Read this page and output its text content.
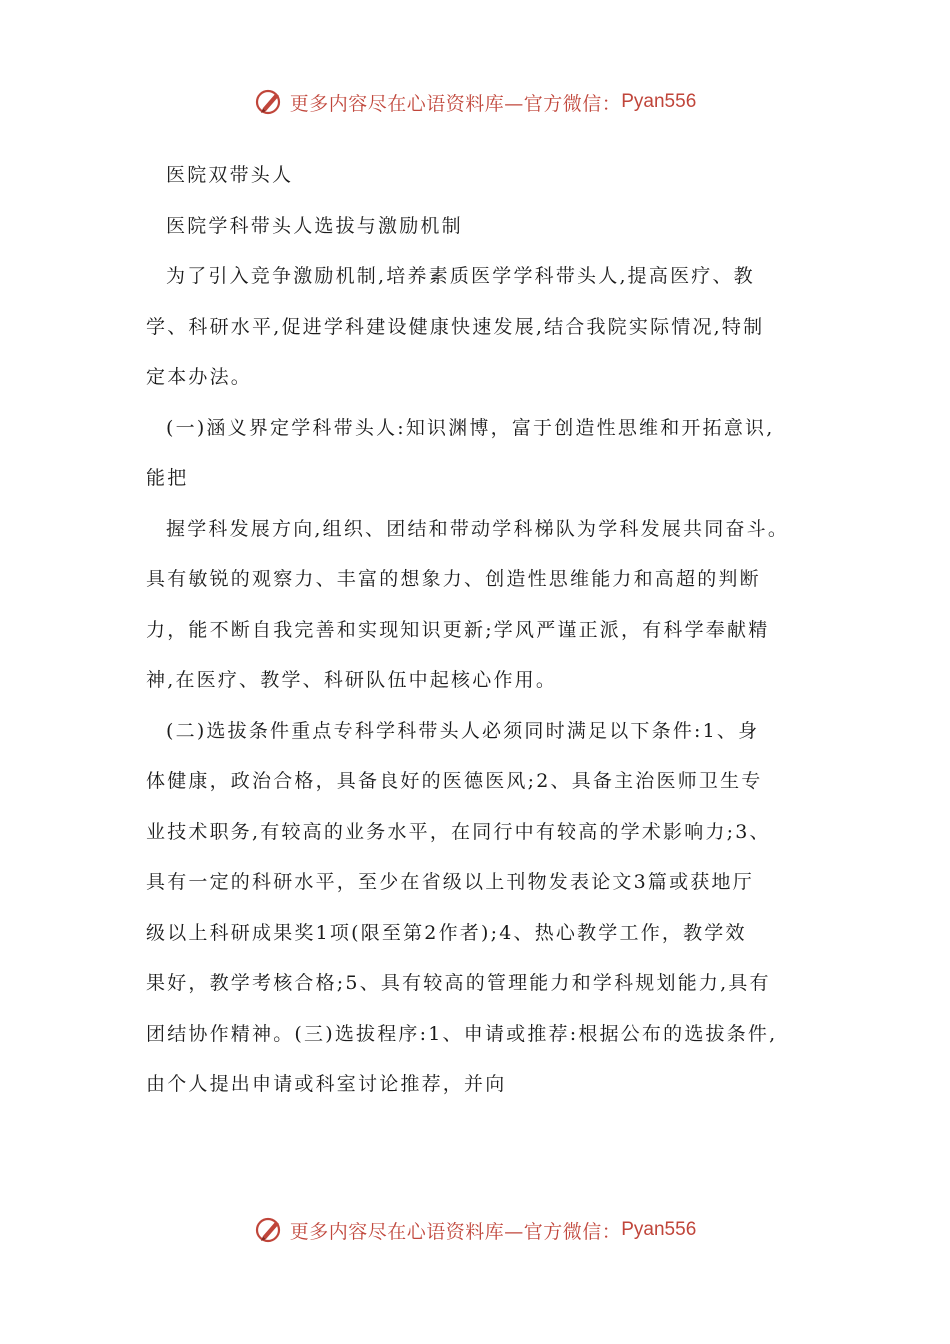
更多内容尽在心语资料库—官方微信： Pyan556
医院双带头人
医院学科带头人选拔与激励机制
为了引入竞争激励机制,培养素质医学学科带头人,提高医疗、教
学、科研水平,促进学科建设健康快速发展,结合我院实际情况,特制
定本办法。
(一)涵义界定学科带头人:知识渊博，富于创造性思维和开拓意识,
能把
握学科发展方向,组织、团结和带动学科梯队为学科发展共同奋斗。
具有敏锐的观察力、丰富的想象力、创造性思维能力和高超的判断
力，能不断自我完善和实现知识更新;学风严谨正派，有科学奉献精
神,在医疗、教学、科研队伍中起核心作用。
(二)选拔条件重点专科学科带头人必须同时满足以下条件:1、身
体健康，政治合格，具备良好的医德医风;2、具备主治医师卫生专
业技术职务,有较高的业务水平，在同行中有较高的学术影响力;3、
具有一定的科研水平，至少在省级以上刊物发表论文3篇或获地厅
级以上科研成果奖1项(限至第2作者);4、热心教学工作，教学效
果好，教学考核合格;5、具有较高的管理能力和学科规划能力,具有
团结协作精神。(三)选拔程序:1、申请或推荐:根据公布的选拔条件,
由个人提出申请或科室讨论推荐，并向
更多内容尽在心语资料库—官方微信： Pyan556
